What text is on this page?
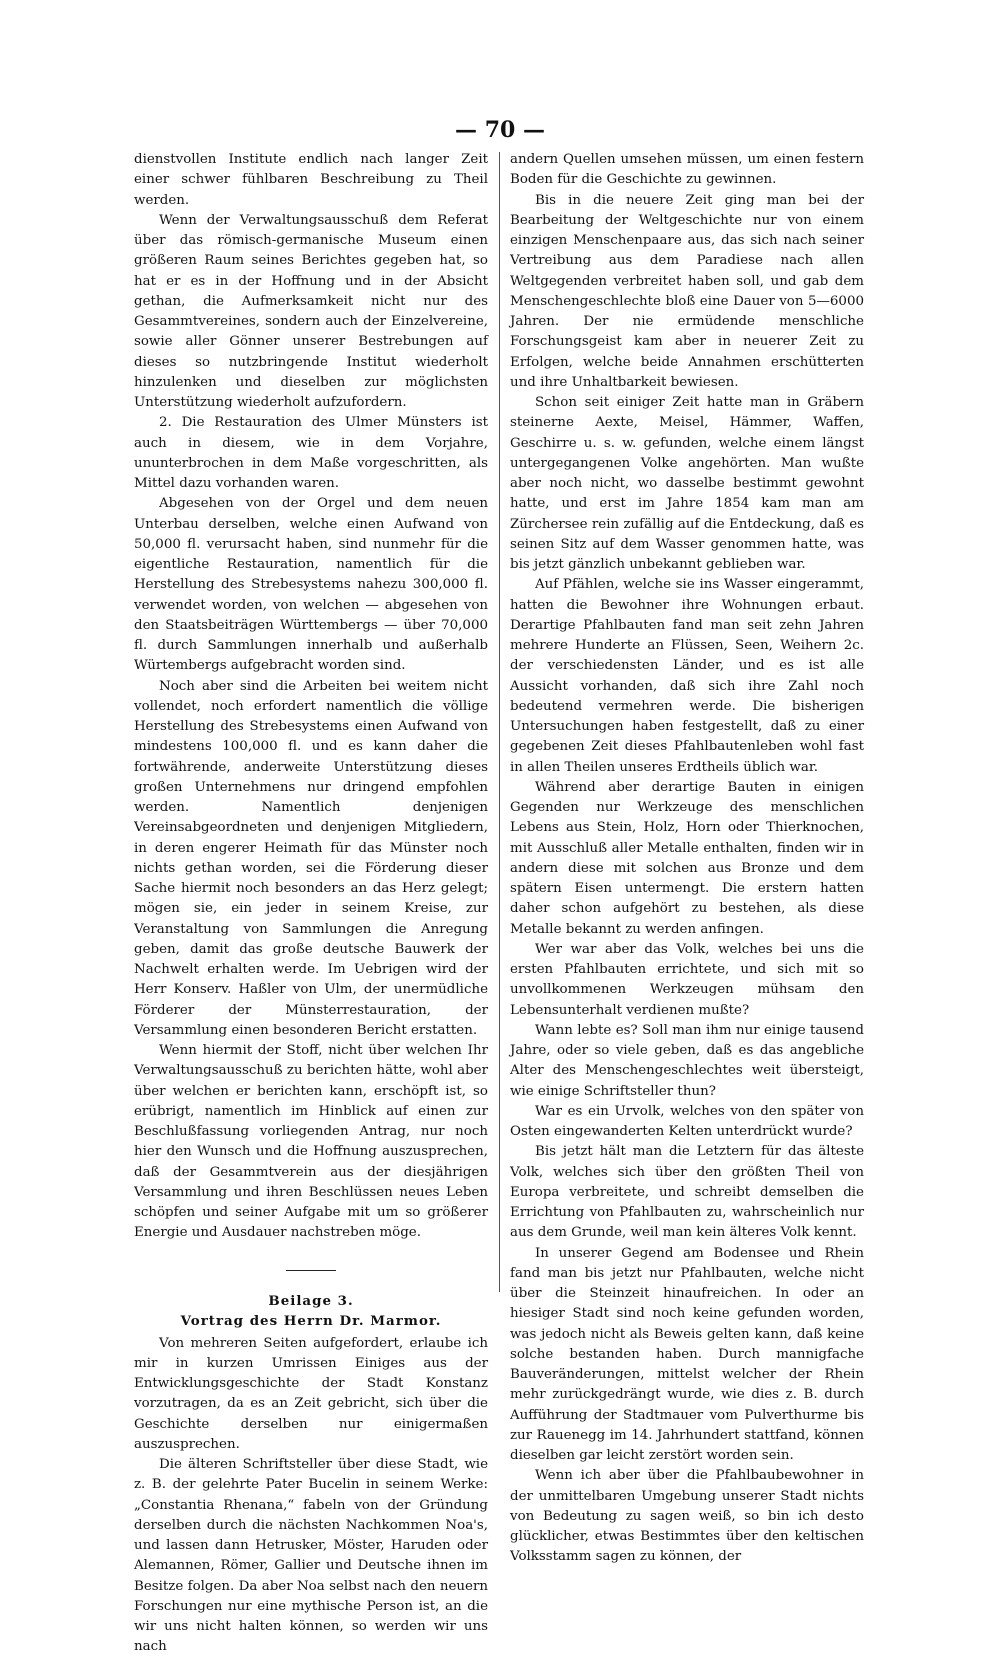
— 70 —

dienstvollen Institute endlich nach langer Zeit einer schwer fühlbaren Beschreibung zu Theil werden.

Wenn der Verwaltungsausschuß dem Referat über das römisch-germanische Museum einen größeren Raum seines Berichtes gegeben hat, so hat er es in der Hoffnung und in der Absicht gethan, die Aufmerksamkeit nicht nur des Gesammtvereines, sondern auch der Einzelvereine, sowie aller Gönner unserer Bestrebungen auf dieses so nutzbringende Institut wiederholt hinzulenken und dieselben zur möglichsten Unterstützung wiederholt aufzufordern.

2. Die Restauration des Ulmer Münsters ist auch in diesem, wie in dem Vorjahre, ununterbrochen in dem Maße vorgeschritten, als Mittel dazu vorhanden waren.

Abgesehen von der Orgel und dem neuen Unterbau derselben, welche einen Aufwand von 50,000 fl. verursacht haben, sind nunmehr für die eigentliche Restauration, namentlich für die Herstellung des Strebesystems nahezu 300,000 fl. verwendet worden, von welchen — abgesehen von den Staatsbeiträgen Württembergs — über 70,000 fl. durch Sammlungen innerhalb und außerhalb Würtembergs aufgebracht worden sind.

Noch aber sind die Arbeiten bei weitem nicht vollendet, noch erfordert namentlich die völlige Herstellung des Strebesystems einen Aufwand von mindestens 100,000 fl. und es kann daher die fortwährende, anderweite Unterstützung dieses großen Unternehmens nur dringend empfohlen werden. Namentlich denjenigen Vereinsabgeordneten und denjenigen Mitgliedern, in deren engerer Heimath für das Münster noch nichts gethan worden, sei die Förderung dieser Sache hiermit noch besonders an das Herz gelegt; mögen sie, ein jeder in seinem Kreise, zur Veranstaltung von Sammlungen die Anregung geben, damit das große deutsche Bauwerk der Nachwelt erhalten werde. Im Uebrigen wird der Herr Konserv. Haßler von Ulm, der unermüdliche Förderer der Münsterrestauration, der Versammlung einen besonderen Bericht erstatten.

Wenn hiermit der Stoff, nicht über welchen Ihr Verwaltungsausschuß zu berichten hätte, wohl aber über welchen er berichten kann, erschöpft ist, so erübrigt, namentlich im Hinblick auf einen zur Beschlußfassung vorliegenden Antrag, nur noch hier den Wunsch und die Hoffnung auszusprechen, daß der Gesammtverein aus der diesjährigen Versammlung und ihren Beschlüssen neues Leben schöpfen und seiner Aufgabe mit um so größerer Energie und Ausdauer nachstreben möge.

Beilage 3.

Vortrag des Herrn Dr. Marmor.

Von mehreren Seiten aufgefordert, erlaube ich mir in kurzen Umrissen Einiges aus der Entwicklungsgeschichte der Stadt Konstanz vorzutragen, da es an Zeit gebricht, sich über die Geschichte derselben nur einigermaßen auszusprechen.

Die älteren Schriftsteller über diese Stadt, wie z. B. der gelehrte Pater Bucelin in seinem Werke: „Constantia Rhenana,“ fabeln von der Gründung derselben durch die nächsten Nachkommen Noa's, und lassen dann Hetrusker, Möster, Haruden oder Alemannen, Römer, Gallier und Deutsche ihnen im Besitze folgen. Da aber Noa selbst nach den neuern Forschungen nur eine mythische Person ist, an die wir uns nicht halten können, so werden wir uns nach

andern Quellen umsehen müssen, um einen festern Boden für die Geschichte zu gewinnen.

Bis in die neuere Zeit ging man bei der Bearbeitung der Weltgeschichte nur von einem einzigen Menschenpaare aus, das sich nach seiner Vertreibung aus dem Paradiese nach allen Weltgegenden verbreitet haben soll, und gab dem Menschengeschlechte bloß eine Dauer von 5—6000 Jahren. Der nie ermüdende menschliche Forschungsgeist kam aber in neuerer Zeit zu Erfolgen, welche beide Annahmen erschütterten und ihre Unhaltbarkeit bewiesen.

Schon seit einiger Zeit hatte man in Gräbern steinerne Aexte, Meisel, Hämmer, Waffen, Geschirre u. s. w. gefunden, welche einem längst untergegangenen Volke angehörten. Man wußte aber noch nicht, wo dasselbe bestimmt gewohnt hatte, und erst im Jahre 1854 kam man am Zürchersee rein zufällig auf die Entdeckung, daß es seinen Sitz auf dem Wasser genommen hatte, was bis jetzt gänzlich unbekannt geblieben war.

Auf Pfählen, welche sie ins Wasser eingerammt, hatten die Bewohner ihre Wohnungen erbaut. Derartige Pfahlbauten fand man seit zehn Jahren mehrere Hunderte an Flüssen, Seen, Weihern 2c. der verschiedensten Länder, und es ist alle Aussicht vorhanden, daß sich ihre Zahl noch bedeutend vermehren werde. Die bisherigen Untersuchungen haben festgestellt, daß zu einer gegebenen Zeit dieses Pfahlbautenleben wohl fast in allen Theilen unseres Erdtheils üblich war.

Während aber derartige Bauten in einigen Gegenden nur Werkzeuge des menschlichen Lebens aus Stein, Holz, Horn oder Thierknochen, mit Ausschluß aller Metalle enthalten, finden wir in andern diese mit solchen aus Bronze und dem spätern Eisen untermengt. Die erstern hatten daher schon aufgehört zu bestehen, als diese Metalle bekannt zu werden anfingen.

Wer war aber das Volk, welches bei uns die ersten Pfahlbauten errichtete, und sich mit so unvollkommenen Werkzeugen mühsam den Lebensunterhalt verdienen mußte?

Wann lebte es? Soll man ihm nur einige tausend Jahre, oder so viele geben, daß es das angebliche Alter des Menschengeschlechtes weit übersteigt, wie einige Schriftsteller thun?

War es ein Urvolk, welches von den später von Osten eingewanderten Kelten unterdrückt wurde?

Bis jetzt hält man die Letztern für das älteste Volk, welches sich über den größten Theil von Europa verbreitete, und schreibt demselben die Errichtung von Pfahlbauten zu, wahrscheinlich nur aus dem Grunde, weil man kein älteres Volk kennt.

In unserer Gegend am Bodensee und Rhein fand man bis jetzt nur Pfahlbauten, welche nicht über die Steinzeit hinaufreichen. In oder an hiesiger Stadt sind noch keine gefunden worden, was jedoch nicht als Beweis gelten kann, daß keine solche bestanden haben. Durch mannigfache Bauveränderungen, mittelst welcher der Rhein mehr zurückgedrängt wurde, wie dies z. B. durch Aufführung der Stadtmauer vom Pulverthurme bis zur Rauenegg im 14. Jahrhundert stattfand, können dieselben gar leicht zerstört worden sein.

Wenn ich aber über die Pfahlbaubewohner in der unmittelbaren Umgebung unserer Stadt nichts von Bedeutung zu sagen weiß, so bin ich desto glücklicher, etwas Bestimmtes über den keltischen Volksstamm sagen zu können, der
